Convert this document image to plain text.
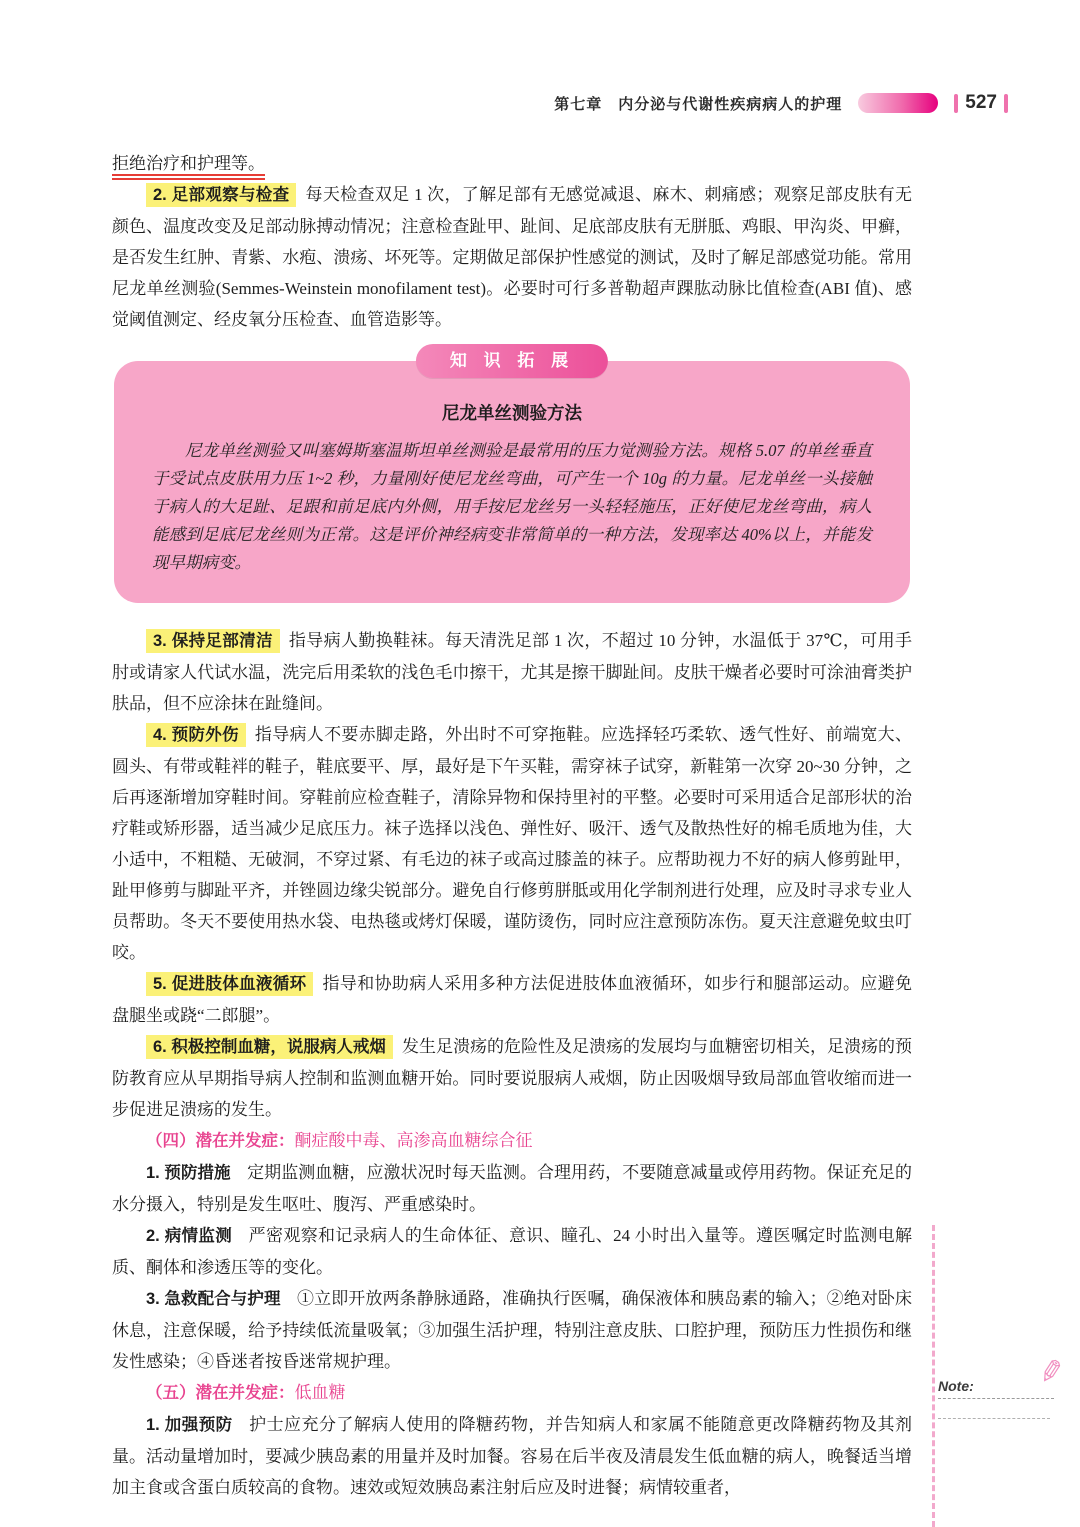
第七章　内分泌与代谢性疾病病人的护理	527

拒绝治疗和护理等。

2. 足部观察与检查 每天检查双足 1 次，了解足部有无感觉减退、麻木、刺痛感；观察足部皮肤有无颜色、温度改变及足部动脉搏动情况；注意检查趾甲、趾间、足底部皮肤有无胼胝、鸡眼、甲沟炎、甲癣，是否发生红肿、青紫、水疱、溃疡、坏死等。定期做足部保护性感觉的测试，及时了解足部感觉功能。常用尼龙单丝测验(Semmes-Weinstein monofilament test)。必要时可行多普勒超声踝肱动脉比值检查(ABI 值)、感觉阈值测定、经皮氧分压检查、血管造影等。

知 识 拓 展
尼龙单丝测验方法

尼龙单丝测验又叫塞姆斯塞温斯坦单丝测验是最常用的压力觉测验方法。规格 5.07 的单丝垂直于受试点皮肤用力压 1~2 秒，力量刚好使尼龙丝弯曲，可产生一个 10g 的力量。尼龙单丝一头接触于病人的大足趾、足跟和前足底内外侧，用手按尼龙丝另一头轻轻施压，正好使尼龙丝弯曲，病人能感到足底尼龙丝则为正常。这是评价神经病变非常简单的一种方法，发现率达 40%以上，并能发现早期病变。

3. 保持足部清洁 指导病人勤换鞋袜。每天清洗足部 1 次，不超过 10 分钟，水温低于 37℃，可用手肘或请家人代试水温，洗完后用柔软的浅色毛巾擦干，尤其是擦干脚趾间。皮肤干燥者必要时可涂油膏类护肤品，但不应涂抹在趾缝间。

4. 预防外伤 指导病人不要赤脚走路，外出时不可穿拖鞋。应选择轻巧柔软、透气性好、前端宽大、圆头、有带或鞋袢的鞋子，鞋底要平、厚，最好是下午买鞋，需穿袜子试穿，新鞋第一次穿 20~30 分钟，之后再逐渐增加穿鞋时间。穿鞋前应检查鞋子，清除异物和保持里衬的平整。必要时可采用适合足部形状的治疗鞋或矫形器，适当减少足底压力。袜子选择以浅色、弹性好、吸汗、透气及散热性好的棉毛质地为佳，大小适中，不粗糙、无破洞，不穿过紧、有毛边的袜子或高过膝盖的袜子。应帮助视力不好的病人修剪趾甲，趾甲修剪与脚趾平齐，并锉圆边缘尖锐部分。避免自行修剪胼胝或用化学制剂进行处理，应及时寻求专业人员帮助。冬天不要使用热水袋、电热毯或烤灯保暖，谨防烫伤，同时应注意预防冻伤。夏天注意避免蚊虫叮咬。

5. 促进肢体血液循环 指导和协助病人采用多种方法促进肢体血液循环，如步行和腿部运动。应避免盘腿坐或跷“二郎腿”。

6. 积极控制血糖，说服病人戒烟 发生足溃疡的危险性及足溃疡的发展均与血糖密切相关，足溃疡的预防教育应从早期指导病人控制和监测血糖开始。同时要说服病人戒烟，防止因吸烟导致局部血管收缩而进一步促进足溃疡的发生。

（四）潜在并发症：酮症酸中毒、高渗高血糖综合征

1. 预防措施 定期监测血糖，应激状况时每天监测。合理用药，不要随意减量或停用药物。保证充足的水分摄入，特别是发生呕吐、腹泻、严重感染时。

2. 病情监测 严密观察和记录病人的生命体征、意识、瞳孔、24 小时出入量等。遵医嘱定时监测电解质、酮体和渗透压等的变化。

3. 急救配合与护理 ①立即开放两条静脉通路，准确执行医嘱，确保液体和胰岛素的输入；②绝对卧床休息，注意保暖，给予持续低流量吸氧；③加强生活护理，特别注意皮肤、口腔护理，预防压力性损伤和继发性感染；④昏迷者按昏迷常规护理。

（五）潜在并发症：低血糖

1. 加强预防 护士应充分了解病人使用的降糖药物，并告知病人和家属不能随意更改降糖药物及其剂量。活动量增加时，要减少胰岛素的用量并及时加餐。容易在后半夜及清晨发生低血糖的病人，晚餐适当增加主食或含蛋白质较高的食物。速效或短效胰岛素注射后应及时进餐；病情较重者，

✎
Note:
